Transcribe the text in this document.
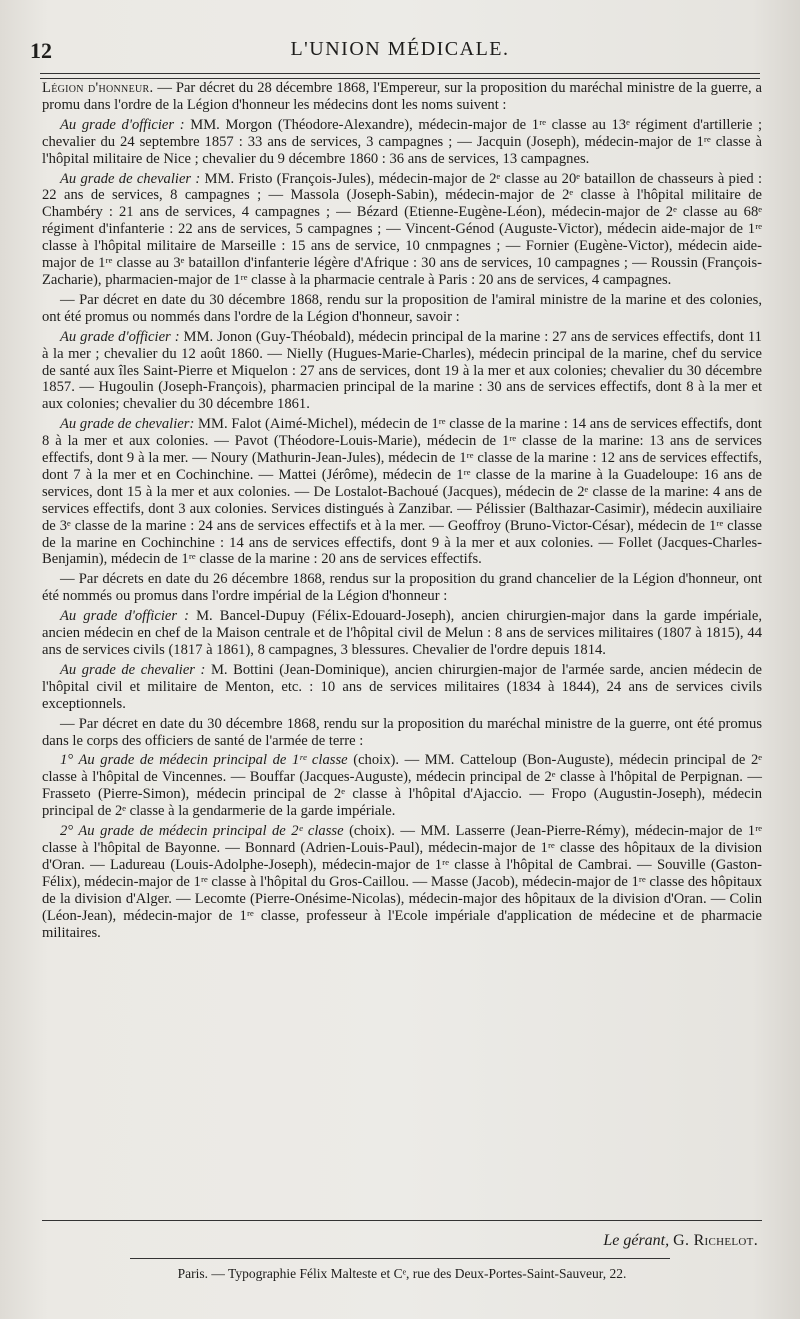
12	L'UNION MÉDICALE.

Légion d'honneur. — Par décret du 28 décembre 1868, l'Empereur, sur la proposition du maréchal ministre de la guerre, a promu dans l'ordre de la Légion d'honneur les médecins dont les noms suivent :

Au grade d'officier : MM. Morgon (Théodore-Alexandre), médecin-major de 1ʳᵉ classe au 13ᵉ régiment d'artillerie ; chevalier du 24 septembre 1857 : 33 ans de services, 3 campagnes ; — Jacquin (Joseph), médecin-major de 1ʳᵉ classe à l'hôpital militaire de Nice ; chevalier du 9 décembre 1860 : 36 ans de services, 13 campagnes.

Au grade de chevalier : MM. Fristo (François-Jules), médecin-major de 2ᵉ classe au 20ᵉ bataillon de chasseurs à pied : 22 ans de services, 8 campagnes ; — Massola (Joseph-Sabin), médecin-major de 2ᵉ classe à l'hôpital militaire de Chambéry : 21 ans de services, 4 campagnes ; — Bézard (Etienne-Eugène-Léon), médecin-major de 2ᵉ classe au 68ᵉ régiment d'infanterie : 22 ans de services, 5 campagnes ; — Vincent-Génod (Auguste-Victor), médecin aide-major de 1ʳᵉ classe à l'hôpital militaire de Marseille : 15 ans de service, 10 cnmpagnes ; — Fornier (Eugène-Victor), médecin aide-major de 1ʳᵉ classe au 3ᵉ bataillon d'infanterie légère d'Afrique : 30 ans de services, 10 campagnes ; — Roussin (François-Zacharie), pharmacien-major de 1ʳᵉ classe à la pharmacie centrale à Paris : 20 ans de services, 4 campagnes.

— Par décret en date du 30 décembre 1868, rendu sur la proposition de l'amiral ministre de la marine et des colonies, ont été promus ou nommés dans l'ordre de la Légion d'honneur, savoir :

Au grade d'officier : MM. Jonon (Guy-Théobald), médecin principal de la marine : 27 ans de services effectifs, dont 11 à la mer ; chevalier du 12 août 1860. — Nielly (Hugues-Marie-Charles), médecin principal de la marine, chef du service de santé aux îles Saint-Pierre et Miquelon : 27 ans de services, dont 19 à la mer et aux colonies; chevalier du 30 décembre 1857. — Hugoulin (Joseph-François), pharmacien principal de la marine : 30 ans de services effectifs, dont 8 à la mer et aux colonies; chevalier du 30 décembre 1861.

Au grade de chevalier: MM. Falot (Aimé-Michel), médecin de 1ʳᵉ classe de la marine : 14 ans de services effectifs, dont 8 à la mer et aux colonies. — Pavot (Théodore-Louis-Marie), médecin de 1ʳᵉ classe de la marine: 13 ans de services effectifs, dont 9 à la mer. — Noury (Mathurin-Jean-Jules), médecin de 1ʳᵉ classe de la marine : 12 ans de services effectifs, dont 7 à la mer et en Cochinchine. — Mattei (Jérôme), médecin de 1ʳᵉ classe de la marine à la Guadeloupe: 16 ans de services, dont 15 à la mer et aux colonies. — De Lostalot-Bachoué (Jacques), médecin de 2ᵉ classe de la marine: 4 ans de services effectifs, dont 3 aux colonies. Services distingués à Zanzibar. — Pélissier (Balthazar-Casimir), médecin auxiliaire de 3ᵉ classe de la marine : 24 ans de services effectifs et à la mer. — Geoffroy (Bruno-Victor-César), médecin de 1ʳᵉ classe de la marine en Cochinchine : 14 ans de services effectifs, dont 9 à la mer et aux colonies. — Follet (Jacques-Charles-Benjamin), médecin de 1ʳᵉ classe de la marine : 20 ans de services effectifs.

— Par décrets en date du 26 décembre 1868, rendus sur la proposition du grand chancelier de la Légion d'honneur, ont été nommés ou promus dans l'ordre impérial de la Légion d'honneur :

Au grade d'officier : M. Bancel-Dupuy (Félix-Edouard-Joseph), ancien chirurgien-major dans la garde impériale, ancien médecin en chef de la Maison centrale et de l'hôpital civil de Melun : 8 ans de services militaires (1807 à 1815), 44 ans de services civils (1817 à 1861), 8 campagnes, 3 blessures. Chevalier de l'ordre depuis 1814.

Au grade de chevalier : M. Bottini (Jean-Dominique), ancien chirurgien-major de l'armée sarde, ancien médecin de l'hôpital civil et militaire de Menton, etc. : 10 ans de services militaires (1834 à 1844), 24 ans de services civils exceptionnels.

— Par décret en date du 30 décembre 1868, rendu sur la proposition du maréchal ministre de la guerre, ont été promus dans le corps des officiers de santé de l'armée de terre :

1° Au grade de médecin principal de 1ʳᵉ classe (choix). — MM. Catteloup (Bon-Auguste), médecin principal de 2ᵉ classe à l'hôpital de Vincennes. — Bouffar (Jacques-Auguste), médecin principal de 2ᵉ classe à l'hôpital de Perpignan. — Frasseto (Pierre-Simon), médecin principal de 2ᵉ classe à l'hôpital d'Ajaccio. — Fropo (Augustin-Joseph), médecin principal de 2ᵉ classe à la gendarmerie de la garde impériale.

2° Au grade de médecin principal de 2ᵉ classe (choix). — MM. Lasserre (Jean-Pierre-Rémy), médecin-major de 1ʳᵉ classe à l'hôpital de Bayonne. — Bonnard (Adrien-Louis-Paul), médecin-major de 1ʳᵉ classe des hôpitaux de la division d'Oran. — Ladureau (Louis-Adolphe-Joseph), médecin-major de 1ʳᵉ classe à l'hôpital de Cambrai. — Souville (Gaston-Félix), médecin-major de 1ʳᵉ classe à l'hôpital du Gros-Caillou. — Masse (Jacob), médecin-major de 1ʳᵉ classe des hôpitaux de la division d'Alger. — Lecomte (Pierre-Onésime-Nicolas), médecin-major des hôpitaux de la division d'Oran. — Colin (Léon-Jean), médecin-major de 1ʳᵉ classe, professeur à l'Ecole impériale d'application de médecine et de pharmacie militaires.

Le gérant, G. Richelot.
Paris. — Typographie Félix Malteste et Cᵉ, rue des Deux-Portes-Saint-Sauveur, 22.
